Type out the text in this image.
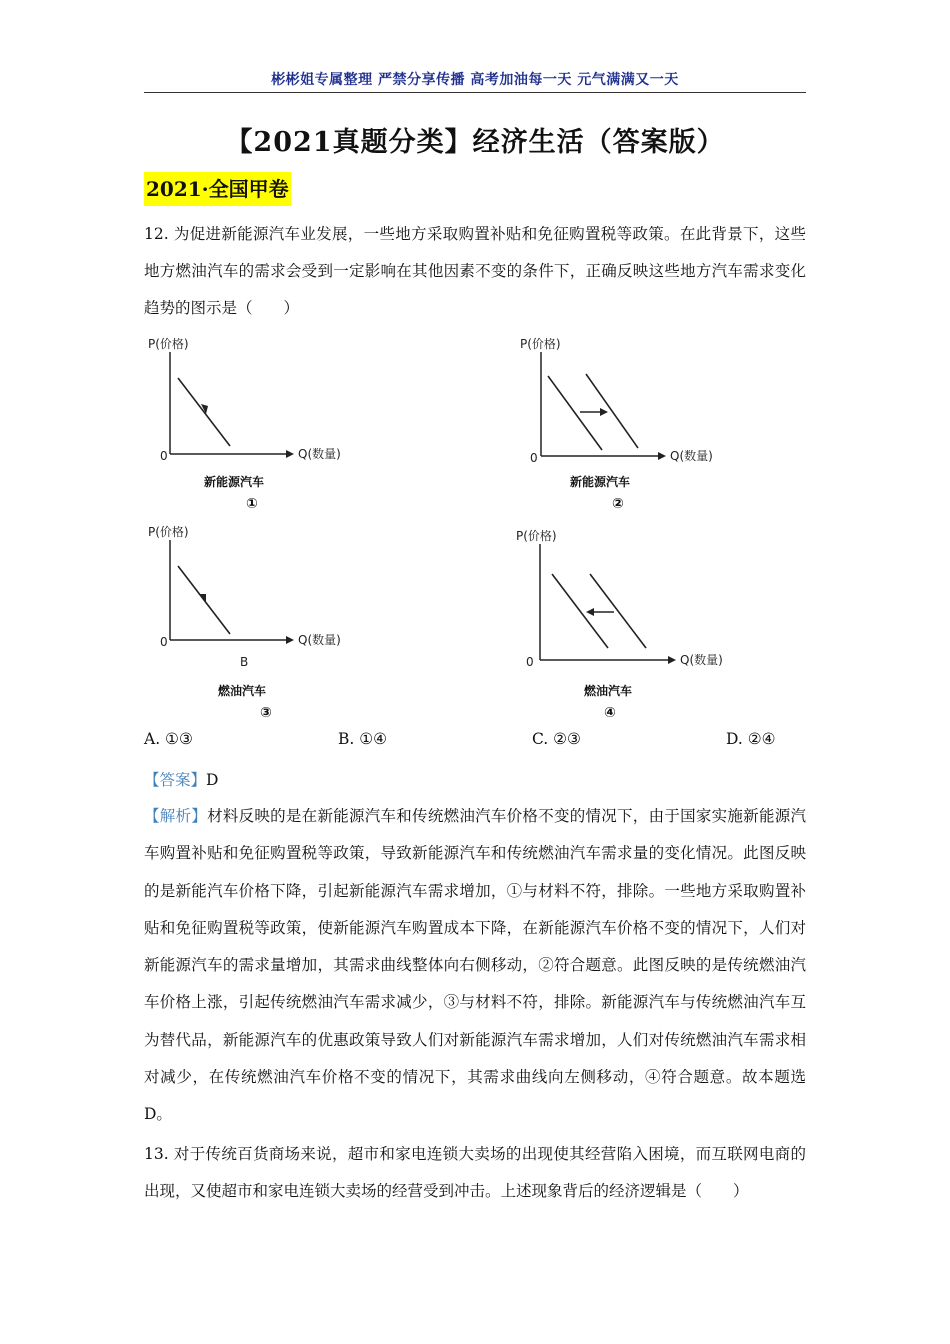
彬彬姐专属整理 严禁分享传播 高考加油每一天 元气满满又一天
【2021真题分类】经济生活（答案版）
2021·全国甲卷

12. 为促进新能源汽车业发展，一些地方采取购置补贴和免征购置税等政策。在此背景下，这些地方燃油汽车的需求会受到一定影响在其他因素不变的条件下，正确反映这些地方汽车需求变化趋势的图示是（　　）

P(价格)
0	Q(数量)
新能源汽车
①
P(价格)
0	Q(数量)
新能源汽车
②
P(价格)
0	Q(数量)
B
燃油汽车
③
P(价格)
0	Q(数量)
燃油汽车
④
A. ①③	B. ①④	C. ②③	D. ②④
【答案】D

【解析】材料反映的是在新能源汽车和传统燃油汽车价格不变的情况下，由于国家实施新能源汽车购置补贴和免征购置税等政策，导致新能源汽车和传统燃油汽车需求量的变化情况。此图反映的是新能汽车价格下降，引起新能源汽车需求增加，①与材料不符，排除。一些地方采取购置补贴和免征购置税等政策，使新能源汽车购置成本下降，在新能源汽车价格不变的情况下，人们对新能源汽车的需求量增加，其需求曲线整体向右侧移动，②符合题意。此图反映的是传统燃油汽车价格上涨，引起传统燃油汽车需求减少，③与材料不符，排除。新能源汽车与传统燃油汽车互为替代品，新能源汽车的优惠政策导致人们对新能源汽车需求增加，人们对传统燃油汽车需求相对减少，在传统燃油汽车价格不变的情况下，其需求曲线向左侧移动，④符合题意。故本题选D。

13. 对于传统百货商场来说，超市和家电连锁大卖场的出现使其经营陷入困境，而互联网电商的出现，又使超市和家电连锁大卖场的经营受到冲击。上述现象背后的经济逻辑是（　　）
